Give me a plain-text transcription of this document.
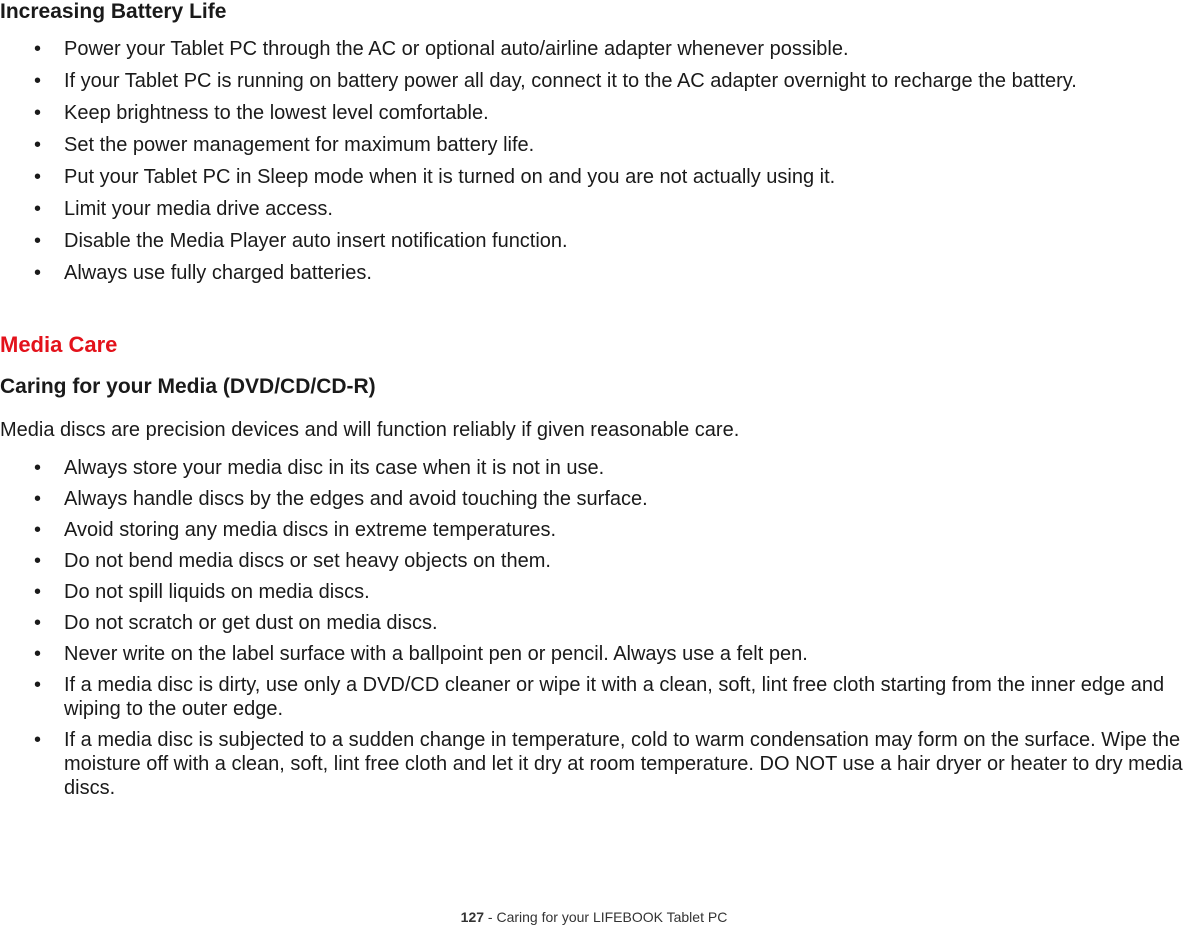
Increasing Battery Life
• Power your Tablet PC through the AC or optional auto/airline adapter whenever possible.
• If your Tablet PC is running on battery power all day, connect it to the AC adapter overnight to recharge the battery.
• Keep brightness to the lowest level comfortable.
• Set the power management for maximum battery life.
• Put your Tablet PC in Sleep mode when it is turned on and you are not actually using it.
• Limit your media drive access.
• Disable the Media Player auto insert notification function.
• Always use fully charged batteries.
Media Care
Caring for your Media (DVD/CD/CD-R)

Media discs are precision devices and will function reliably if given reasonable care.

• Always store your media disc in its case when it is not in use.
• Always handle discs by the edges and avoid touching the surface.
• Avoid storing any media discs in extreme temperatures.
• Do not bend media discs or set heavy objects on them.
• Do not spill liquids on media discs.
• Do not scratch or get dust on media discs.
• Never write on the label surface with a ballpoint pen or pencil. Always use a felt pen.
• If a media disc is dirty, use only a DVD/CD cleaner or wipe it with a clean, soft, lint free cloth starting from the inner edge and wiping to the outer edge.
• If a media disc is subjected to a sudden change in temperature, cold to warm condensation may form on the surface. Wipe the moisture off with a clean, soft, lint free cloth and let it dry at room temperature. DO NOT use a hair dryer or heater to dry media discs.
127 - Caring for your LIFEBOOK Tablet PC
